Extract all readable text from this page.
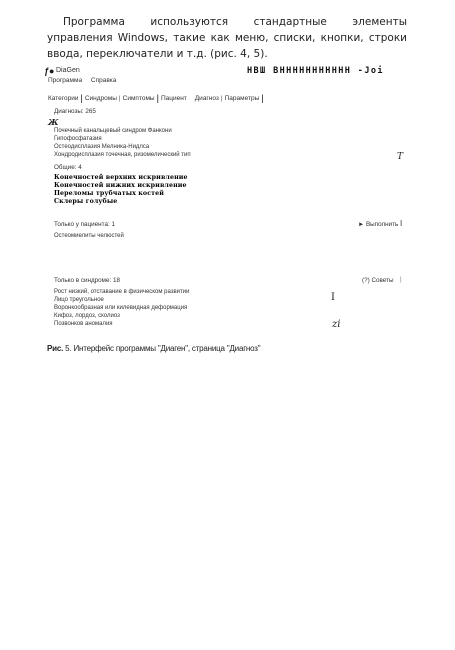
Программа используются стандартные элементы управления Windows, такие как меню, списки, кнопки, строки ввода, переключатели и т.д. (рис. 4, 5).
ƒ● DiaGen	НВШ ВННННННННННН -Joi
Программа Справка
Категории | Синдромы | Симптомы | Пациент Диагноз | Параметры |
Диагнозы: 265
Ж
Почечный канальцевый синдром Фанкони
Гипофосфатазия
Остеодисплазия Мелника-Нидлса
Хондродисплазия точечная, ризомелический тип	T
Общие: 4
Конечностей верхних искривление
Конечностей нижних искривление
Переломы трубчатых костей
Склеры голубые
Только у пациента: 1	► Выполнить I
Остеомиелиты челюстей
Только в синдроме: 18	(?) Советы |
Рост низкий, отставание в физическом развитии
Лицо треугольное
Воронкообразная или килевидная деформация
Кифоз, лордоз, сколиоз
Позвонков аномалия
I
zi
Рис. 5. Интерфейс программы "Диаген", страница "Диагноз"
